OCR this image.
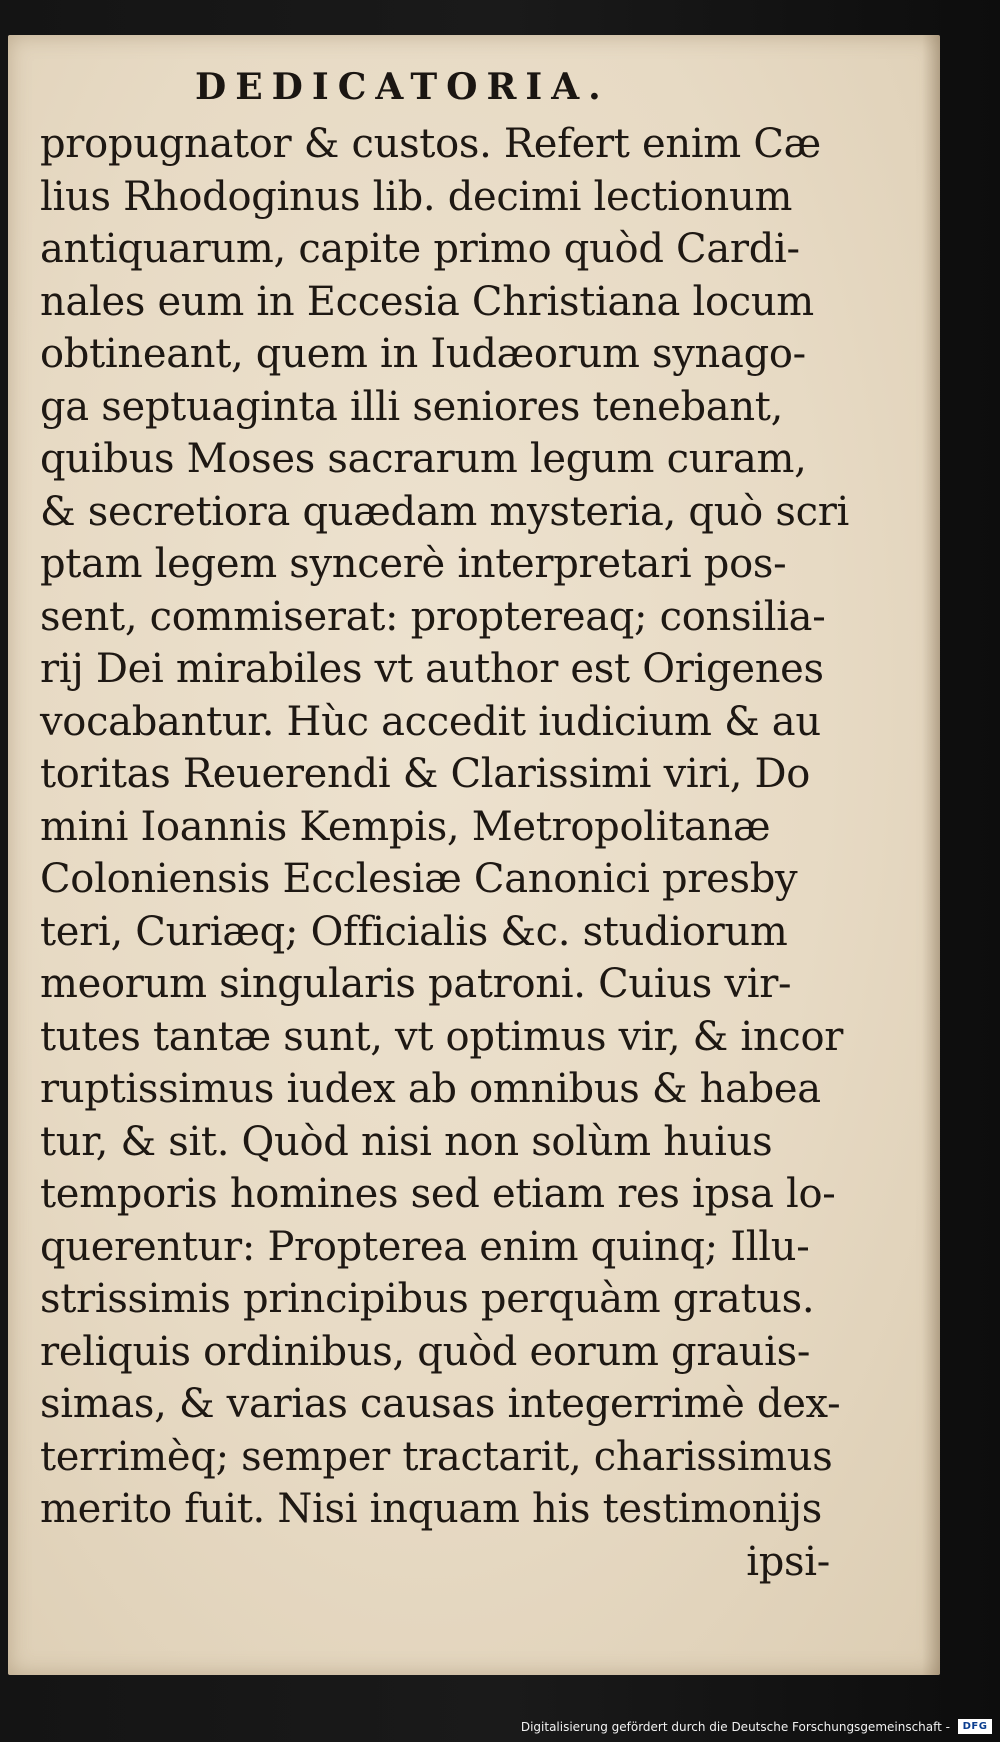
DEDICATORIA.
propugnator & custos. Refert enim Cæ
lius Rhodoginus lib. decimi lectionum
antiquarum, capite primo quòd Cardi-
nales eum in Eccesia Christiana locum
obtineant, quem in Iudæorum synago-
ga septuaginta illi seniores tenebant,
quibus Moses sacrarum legum curam,
& secretiora quædam mysteria, quò scri
ptam legem syncerè interpretari pos-
sent, commiserat: proptereaq; consilia-
rij Dei mirabiles vt author est Origenes
vocabantur. Hùc accedit iudicium & au
toritas Reuerendi & Clarissimi viri, Do
mini Ioannis Kempis, Metropolitanæ
Coloniensis Ecclesiæ Canonici presby
teri, Curiæq; Officialis &c. studiorum
meorum singularis patroni. Cuius vir-
tutes tantæ sunt, vt optimus vir, & incor
ruptissimus iudex ab omnibus & habea
tur, & sit. Quòd nisi non solùm huius
temporis homines sed etiam res ipsa lo-
querentur: Propterea enim quinq; Illu-
strissimis principibus perquàm gratus.
reliquis ordinibus, quòd eorum grauis-
simas, & varias causas integerrimè dex-
terrimèq; semper tractarit, charissimus
merito fuit. Nisi inquam his testimonijs
ipsi-
Digitalisierung gefördert durch die Deutsche Forschungsgemeinschaft -	DFG
